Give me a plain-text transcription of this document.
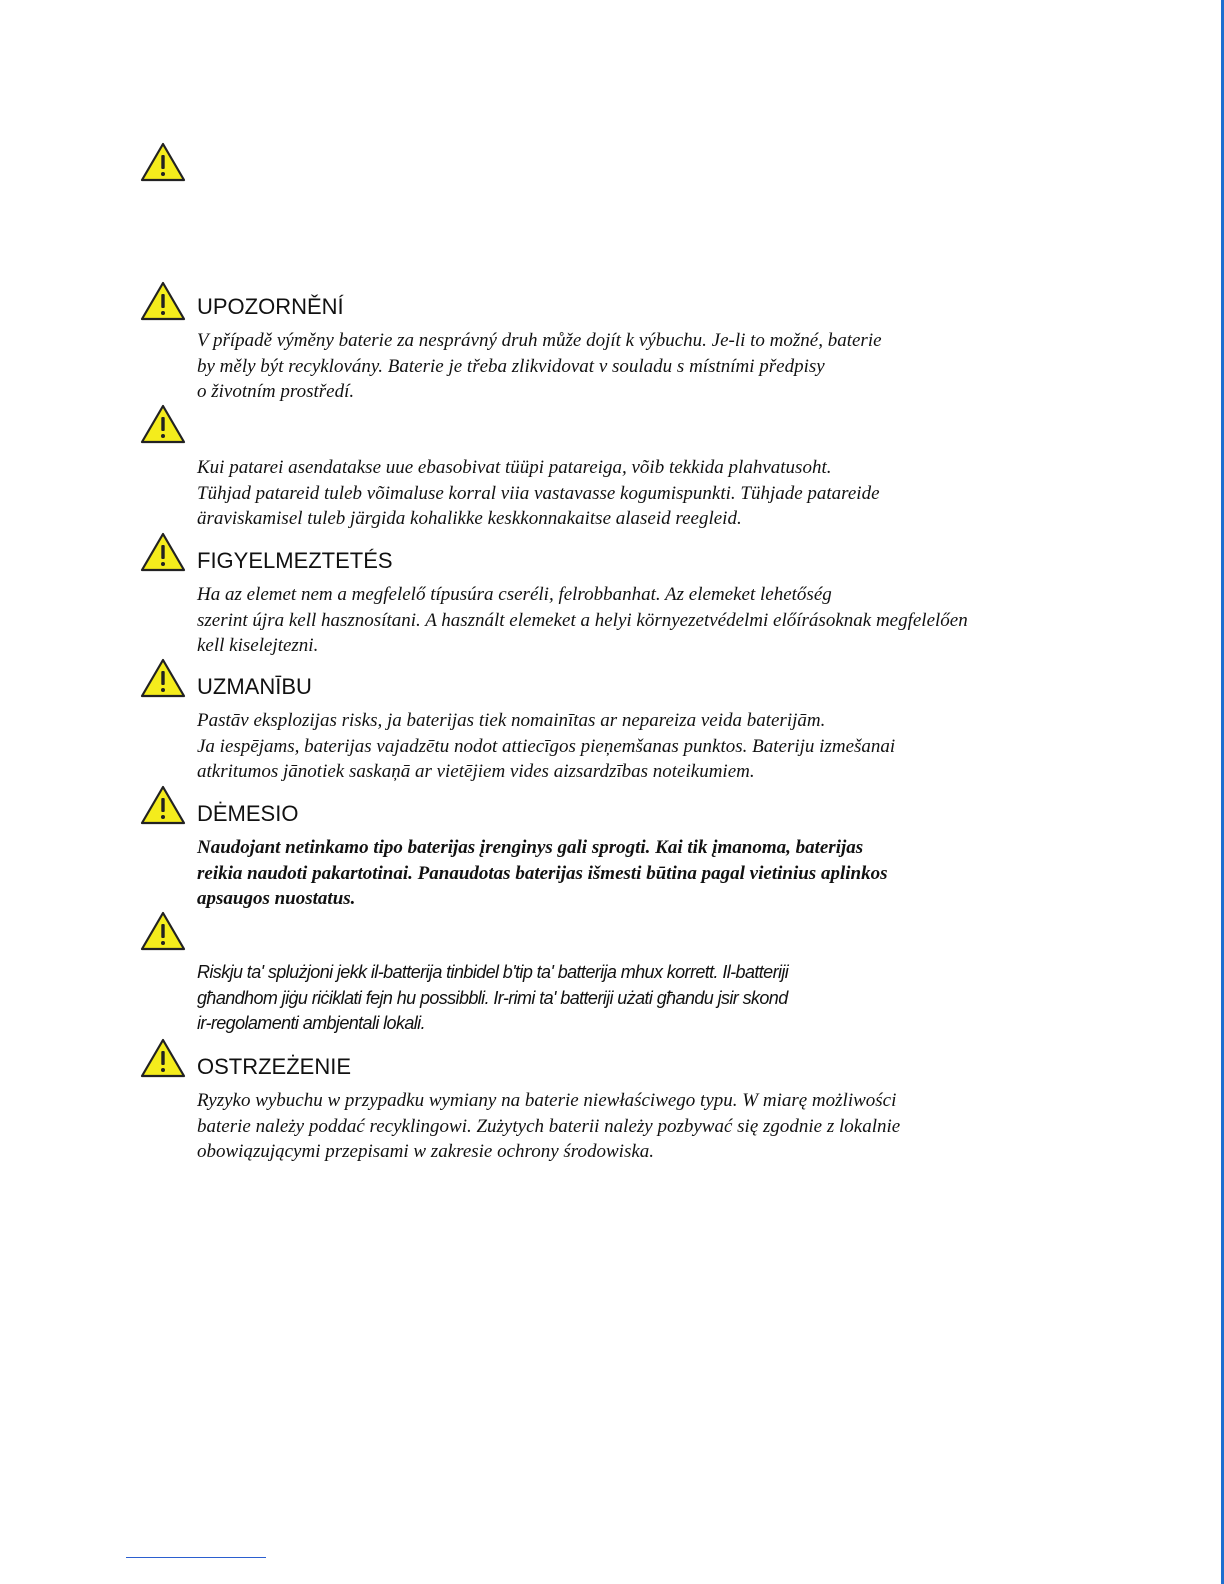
UPOZORNĚNÍ

V případě výměny baterie za nesprávný druh může dojít k výbuchu. Je-li to možné, baterie
by měly být recyklovány. Baterie je třeba zlikvidovat v souladu s místními předpisy
o životním prostředí.

Kui patarei asendatakse uue ebasobivat tüüpi patareiga, võib tekkida plahvatusoht.
Tühjad patareid tuleb võimaluse korral viia vastavasse kogumispunkti. Tühjade patareide
äraviskamisel tuleb järgida kohalikke keskkonnakaitse alaseid reegleid.

FIGYELMEZTETÉS

Ha az elemet nem a megfelelő típusúra cseréli, felrobbanhat. Az elemeket lehetőség
szerint újra kell hasznosítani. A használt elemeket a helyi környezetvédelmi előírásoknak megfelelően
kell kiselejtezni.

UZMANĪBU

Pastāv eksplozijas risks, ja baterijas tiek nomainītas ar nepareiza veida baterijām.
Ja iespējams, baterijas vajadzētu nodot attiecīgos pieņemšanas punktos. Bateriju izmešanai
atkritumos jānotiek saskaņā ar vietējiem vides aizsardzības noteikumiem.

DĖMESIO

Naudojant netinkamo tipo baterijas įrenginys gali sprogti. Kai tik įmanoma, baterijas
reikia naudoti pakartotinai. Panaudotas baterijas išmesti būtina pagal vietinius aplinkos
apsaugos nuostatus.

Riskju ta' splużjoni jekk il-batterija tinbidel b'tip ta' batterija mhux korrett. Il-batteriji
għandhom jiġu riċiklati fejn hu possibbli. Ir-rimi ta' batteriji użati għandu jsir skond
ir-regolamenti ambjentali lokali.

OSTRZEŻENIE

Ryzyko wybuchu w przypadku wymiany na baterie niewłaściwego typu. W miarę możliwości
baterie należy poddać recyklingowi. Zużytych baterii należy pozbywać się zgodnie z lokalnie
obowiązującymi przepisami w zakresie ochrony środowiska.
